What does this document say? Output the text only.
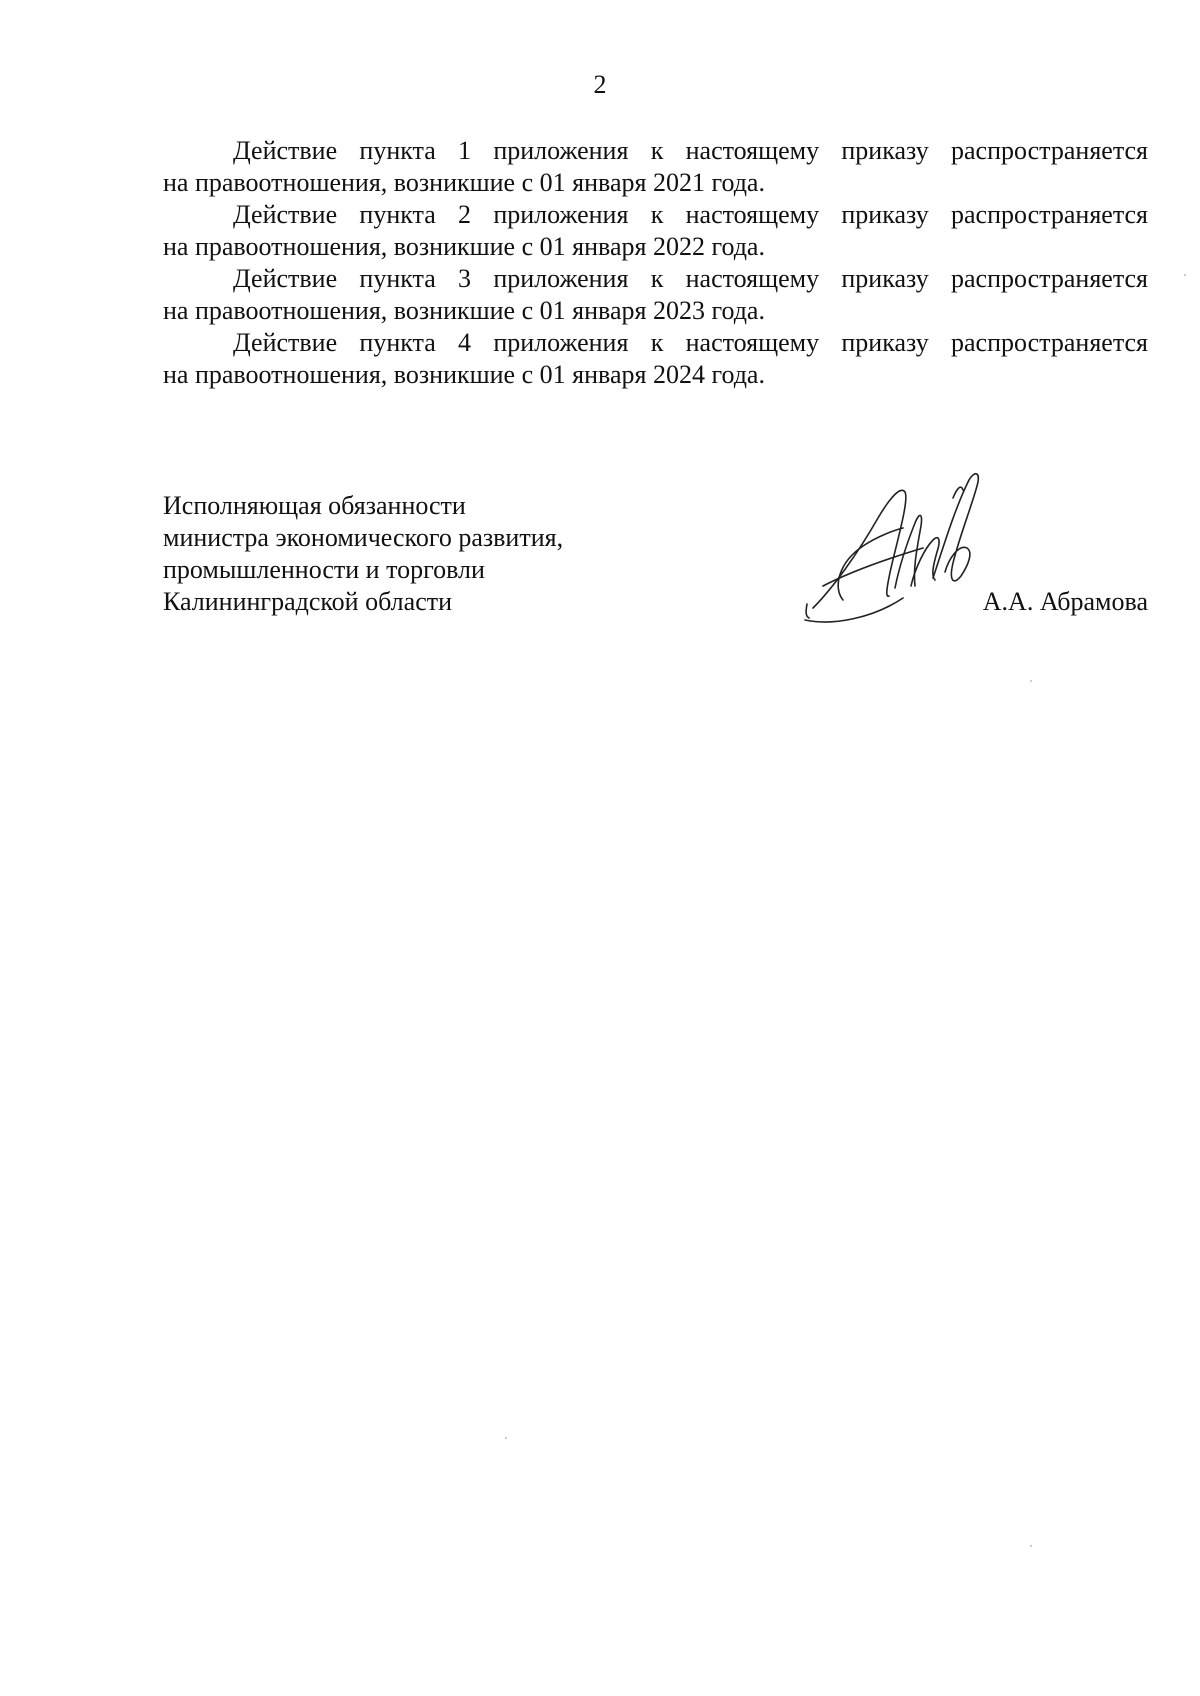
2

Действие пункта 1 приложения к настоящему приказу распространяется
на правоотношения, возникшие с 01 января 2021 года.

Действие пункта 2 приложения к настоящему приказу распространяется
на правоотношения, возникшие с 01 января 2022 года.

Действие пункта 3 приложения к настоящему приказу распространяется
на правоотношения, возникшие с 01 января 2023 года.

Действие пункта 4 приложения к настоящему приказу распространяется
на правоотношения, возникшие с 01 января 2024 года.

Исполняющая обязанности
министра экономического развития,
промышленности и торговли
Калининградской области	А.А. Абрамова
